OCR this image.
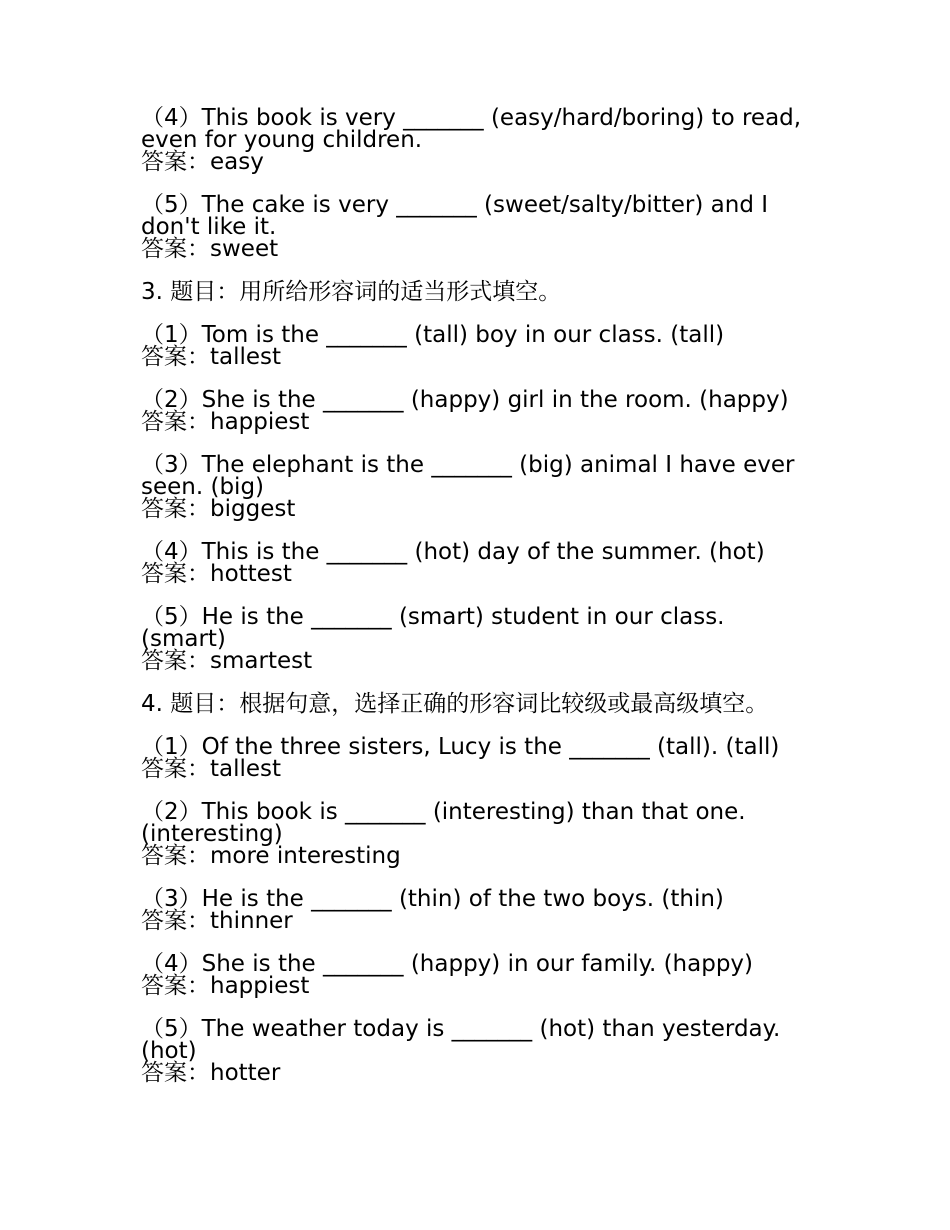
（4）This book is very _______ (easy/hard/boring) to read, even for young children.
答案：easy
（5）The cake is very _______ (sweet/salty/bitter) and I don't like it.
答案：sweet
3. 题目：用所给形容词的适当形式填空。
（1）Tom is the _______ (tall) boy in our class. (tall)
答案：tallest
（2）She is the _______ (happy) girl in the room. (happy)
答案：happiest
（3）The elephant is the _______ (big) animal I have ever seen. (big)
答案：biggest
（4）This is the _______ (hot) day of the summer. (hot)
答案：hottest
（5）He is the _______ (smart) student in our class. (smart)
答案：smartest
4. 题目：根据句意，选择正确的形容词比较级或最高级填空。
（1）Of the three sisters, Lucy is the _______ (tall). (tall)
答案：tallest
（2）This book is _______ (interesting) than that one. (interesting)
答案：more interesting
（3）He is the _______ (thin) of the two boys. (thin)
答案：thinner
（4）She is the _______ (happy) in our family. (happy)
答案：happiest
（5）The weather today is _______ (hot) than yesterday. (hot)
答案：hotter
